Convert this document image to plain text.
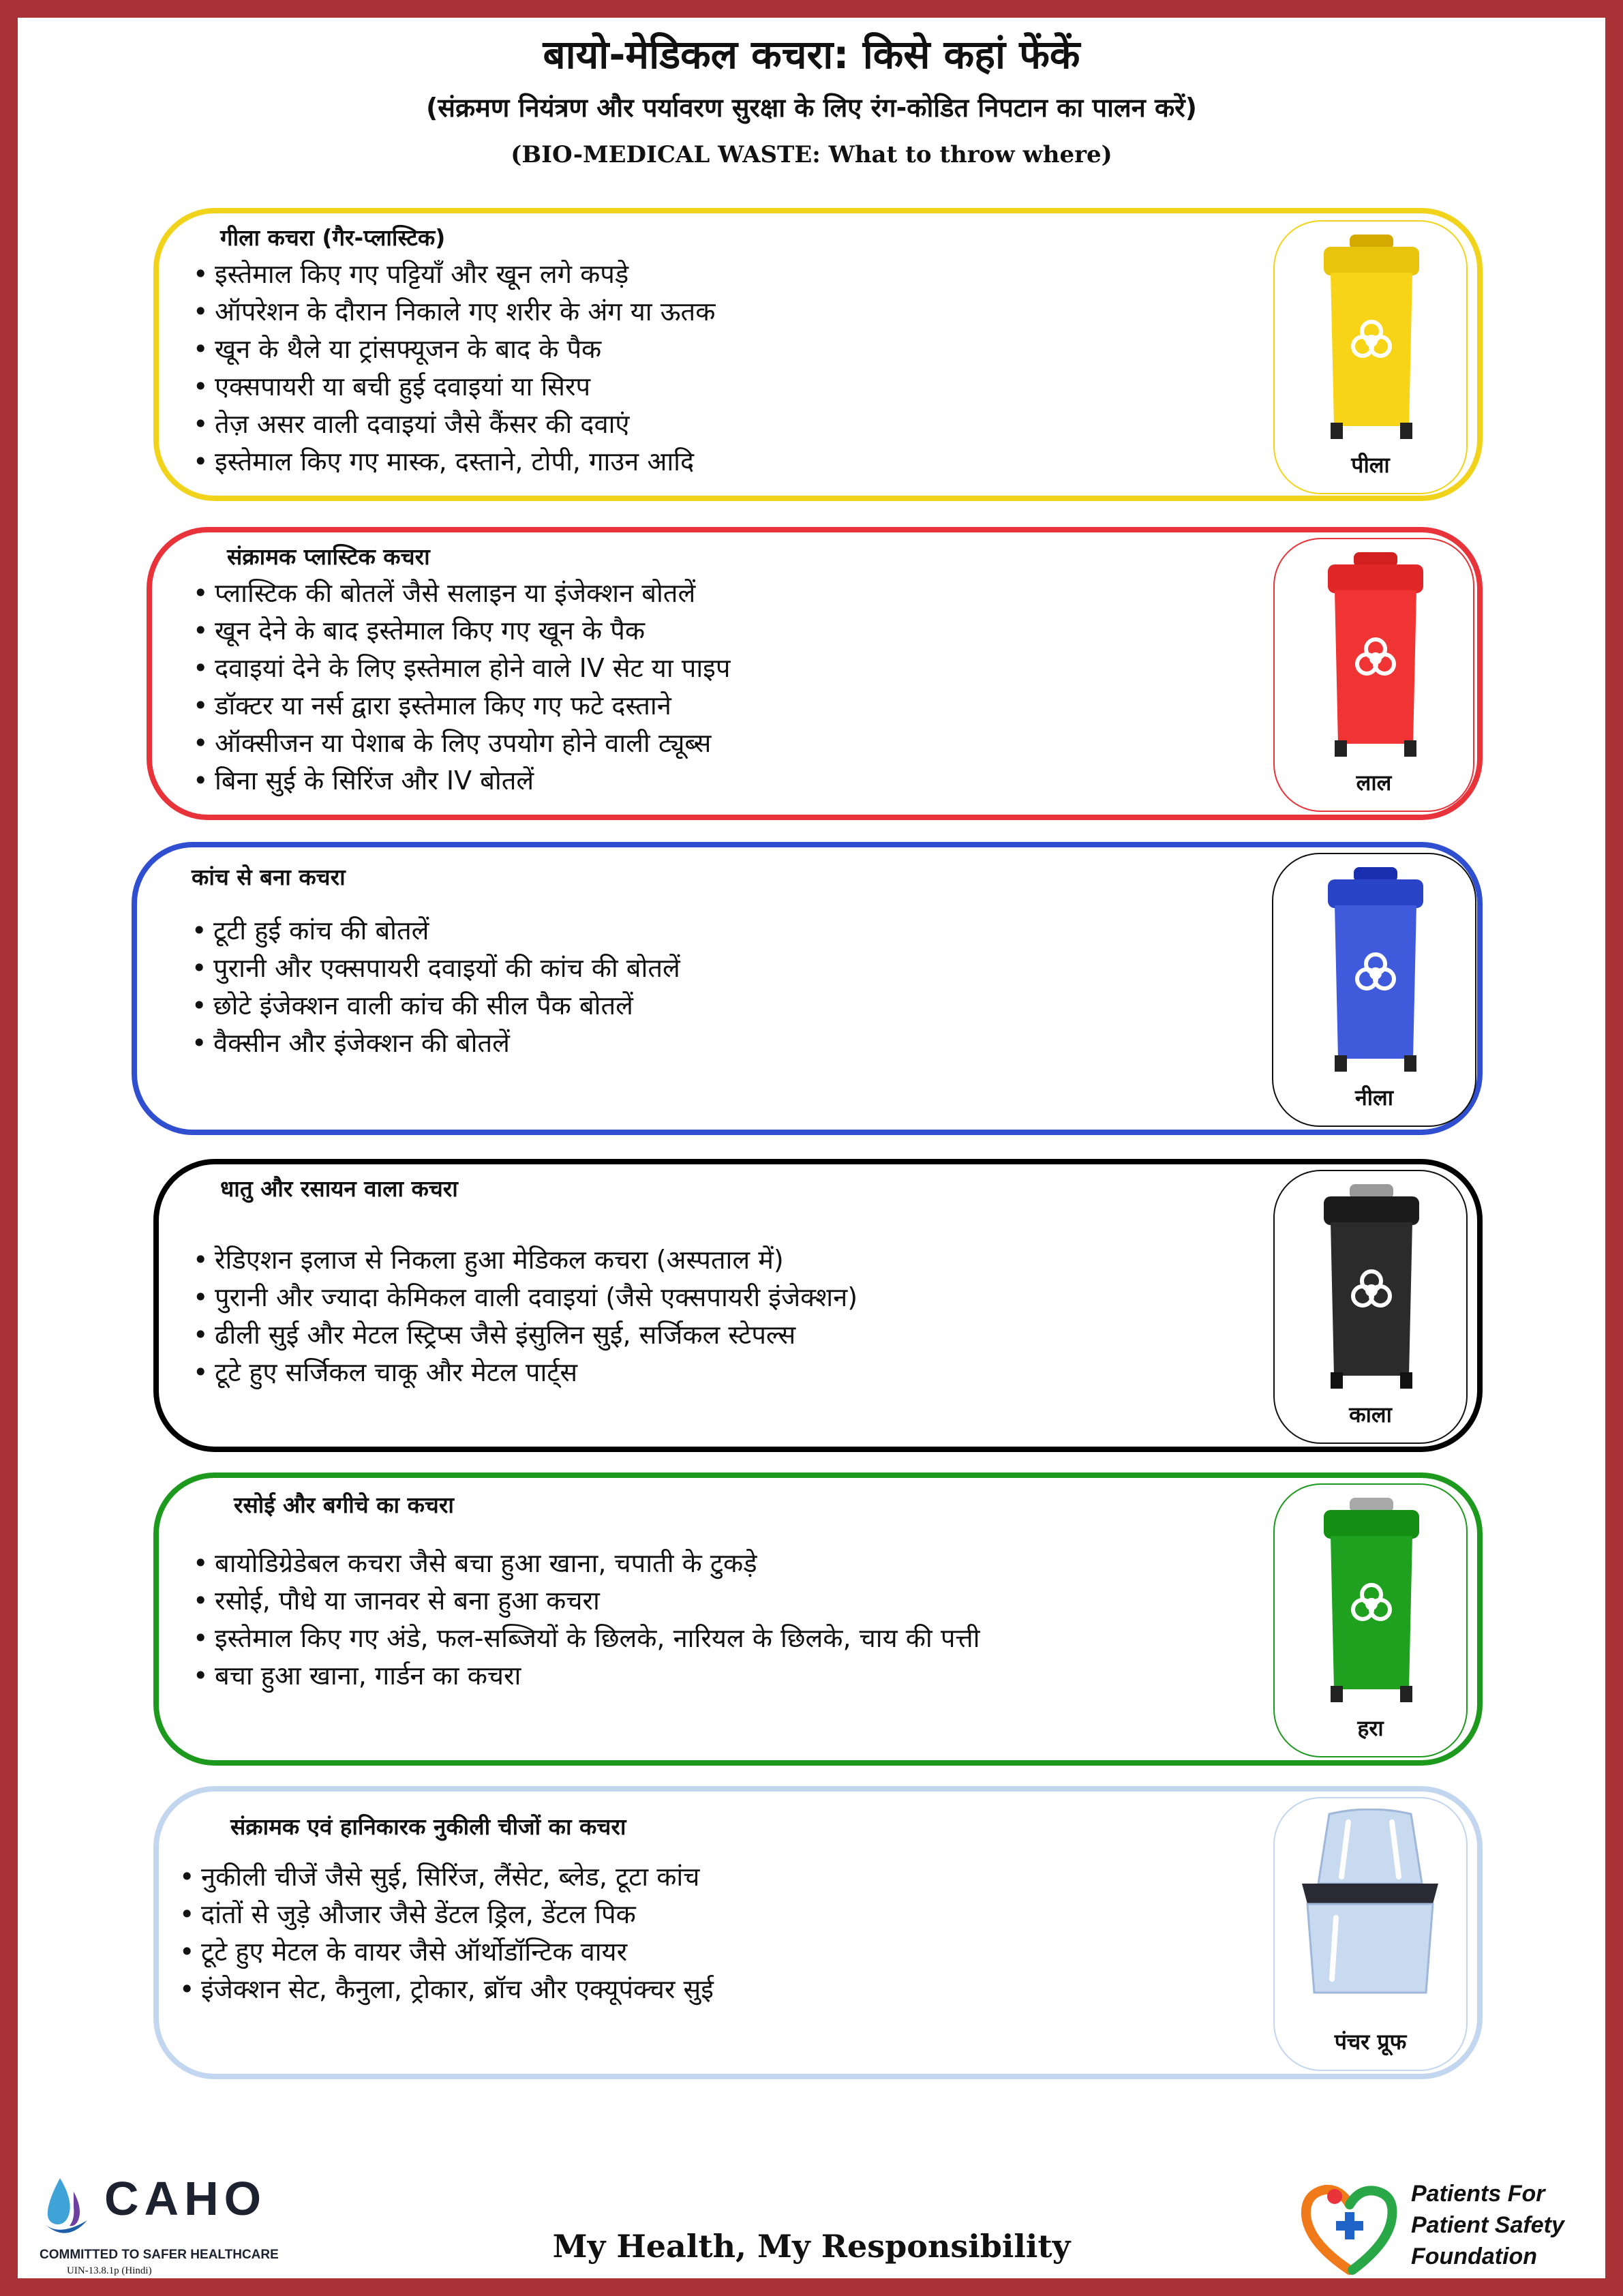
बायो-मेडिकल कचरा: किसे कहां फेंकें

(संक्रमण नियंत्रण और पर्यावरण सुरक्षा के लिए रंग-कोडित निपटान का पालन करें)

(BIO-MEDICAL WASTE: What to throw where)

गीला कचरा (गैर-प्लास्टिक)

• इस्तेमाल किए गए पट्टियाँ और खून लगे कपड़े
• ऑपरेशन के दौरान निकाले गए शरीर के अंग या ऊतक
• खून के थैले या ट्रांसफ्यूजन के बाद के पैक
• एक्सपायरी या बची हुई दवाइयां या सिरप
• तेज़ असर वाली दवाइयां जैसे कैंसर की दवाएं
• इस्तेमाल किए गए मास्क, दस्ताने, टोपी, गाउन आदि	पीला

संक्रामक प्लास्टिक कचरा

• प्लास्टिक की बोतलें जैसे सलाइन या इंजेक्शन बोतलें
• खून देने के बाद इस्तेमाल किए गए खून के पैक
• दवाइयां देने के लिए इस्तेमाल होने वाले IV सेट या पाइप
• डॉक्टर या नर्स द्वारा इस्तेमाल किए गए फटे दस्ताने
• ऑक्सीजन या पेशाब के लिए उपयोग होने वाली ट्यूब्स
• बिना सुई के सिरिंज और IV बोतलें	लाल

कांच से बना कचरा

• टूटी हुई कांच की बोतलें
• पुरानी और एक्सपायरी दवाइयों की कांच की बोतलें
• छोटे इंजेक्शन वाली कांच की सील पैक बोतलें
• वैक्सीन और इंजेक्शन की बोतलें
नीला

धातु और रसायन वाला कचरा

• रेडिएशन इलाज से निकला हुआ मेडिकल कचरा (अस्पताल में)
• पुरानी और ज्यादा केमिकल वाली दवाइयां (जैसे एक्सपायरी इंजेक्शन)
• ढीली सुई और मेटल स्ट्रिप्स जैसे इंसुलिन सुई, सर्जिकल स्टेपल्स
• टूटे हुए सर्जिकल चाकू और मेटल पार्ट्स
काला

रसोई और बगीचे का कचरा

• बायोडिग्रेडेबल कचरा जैसे बचा हुआ खाना, चपाती के टुकड़े
• रसोई, पौधे या जानवर से बना हुआ कचरा
• इस्तेमाल किए गए अंडे, फल-सब्जियों के छिलके, नारियल के छिलके, चाय की पत्ती
• बचा हुआ खाना, गार्डन का कचरा
हरा

संक्रामक एवं हानिकारक नुकीली चीजों का कचरा

• नुकीली चीजें जैसे सुई, सिरिंज, लैंसेट, ब्लेड, टूटा कांच
• दांतों से जुड़े औजार जैसे डेंटल ड्रिल, डेंटल पिक
• टूटे हुए मेटल के वायर जैसे ऑर्थोडॉन्टिक वायर
• इंजेक्शन सेट, कैनुला, ट्रोकार, ब्रॉच और एक्यूपंक्चर सुई
पंचर प्रूफ
CAHO
COMMITTED TO SAFER HEALTHCARE
UIN-13.8.1p (Hindi)
My Health, My Responsibility
Patients For
Patient Safety
Foundation
